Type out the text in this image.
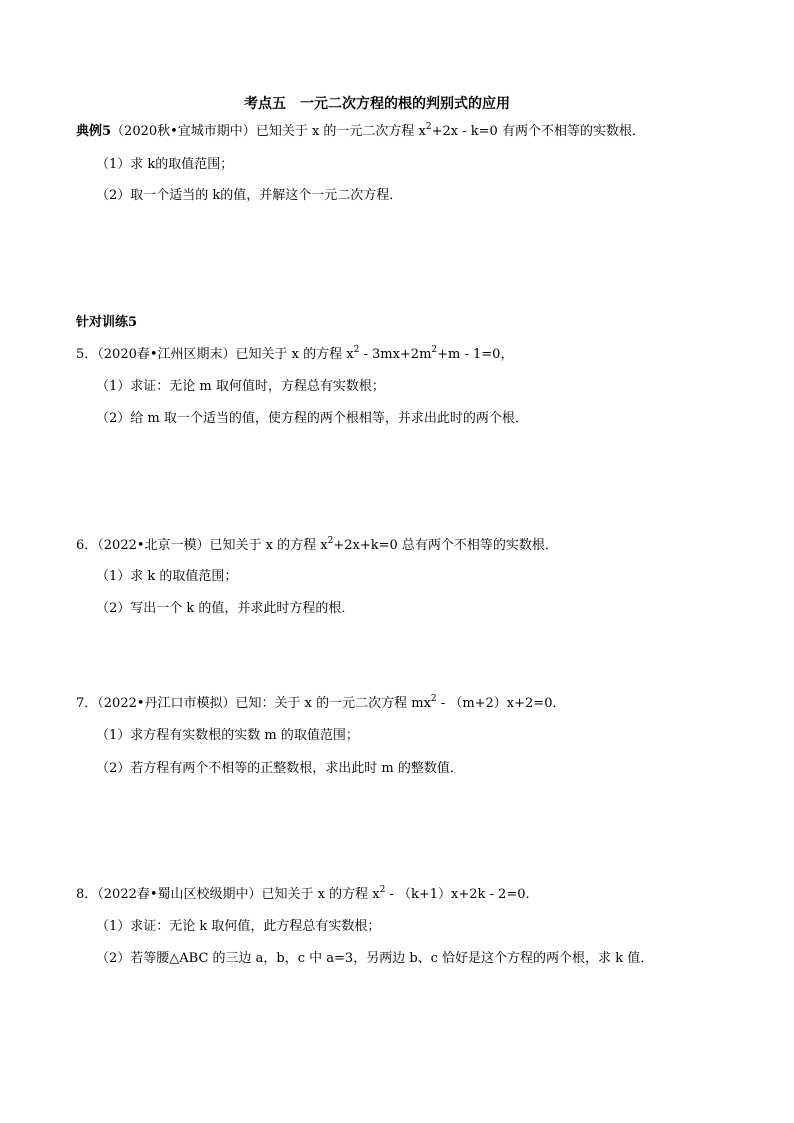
考点五　一元二次方程的根的判别式的应用
典例5（2020秋•宜城市期中）已知关于 x 的一元二次方程 $x^2+2x - k=0$ 有两个不相等的实数根．
（1）求 k的取值范围；
（2）取一个适当的 k的值，并解这个一元二次方程．
针对训练5
5．（2020春•江州区期末）已知关于 x 的方程 $x^2 - 3mx+2m^2+m - 1=0$，
（1）求证：无论 m 取何值时，方程总有实数根；
（2）给 m 取一个适当的值，使方程的两个根相等，并求出此时的两个根．
6．（2022•北京一模）已知关于 x 的方程 $x^2+2x+k=0$ 总有两个不相等的实数根．
（1）求 k 的取值范围；
（2）写出一个 k 的值，并求此时方程的根．
7．（2022•丹江口市模拟）已知：关于 x 的一元二次方程 $mx^2 - (m+2)x+2=0$．
（1）求方程有实数根的实数 m 的取值范围；
（2）若方程有两个不相等的正整数根，求出此时 m 的整数值．
8．（2022春•蜀山区校级期中）已知关于 x 的方程 $x^2 - (k+1)x+2k - 2=0$．
（1）求证：无论 k 取何值，此方程总有实数根；
（2）若等腰△ABC 的三边 a，b，c 中 a=3，另两边 b、c 恰好是这个方程的两个根，求 k 值．
